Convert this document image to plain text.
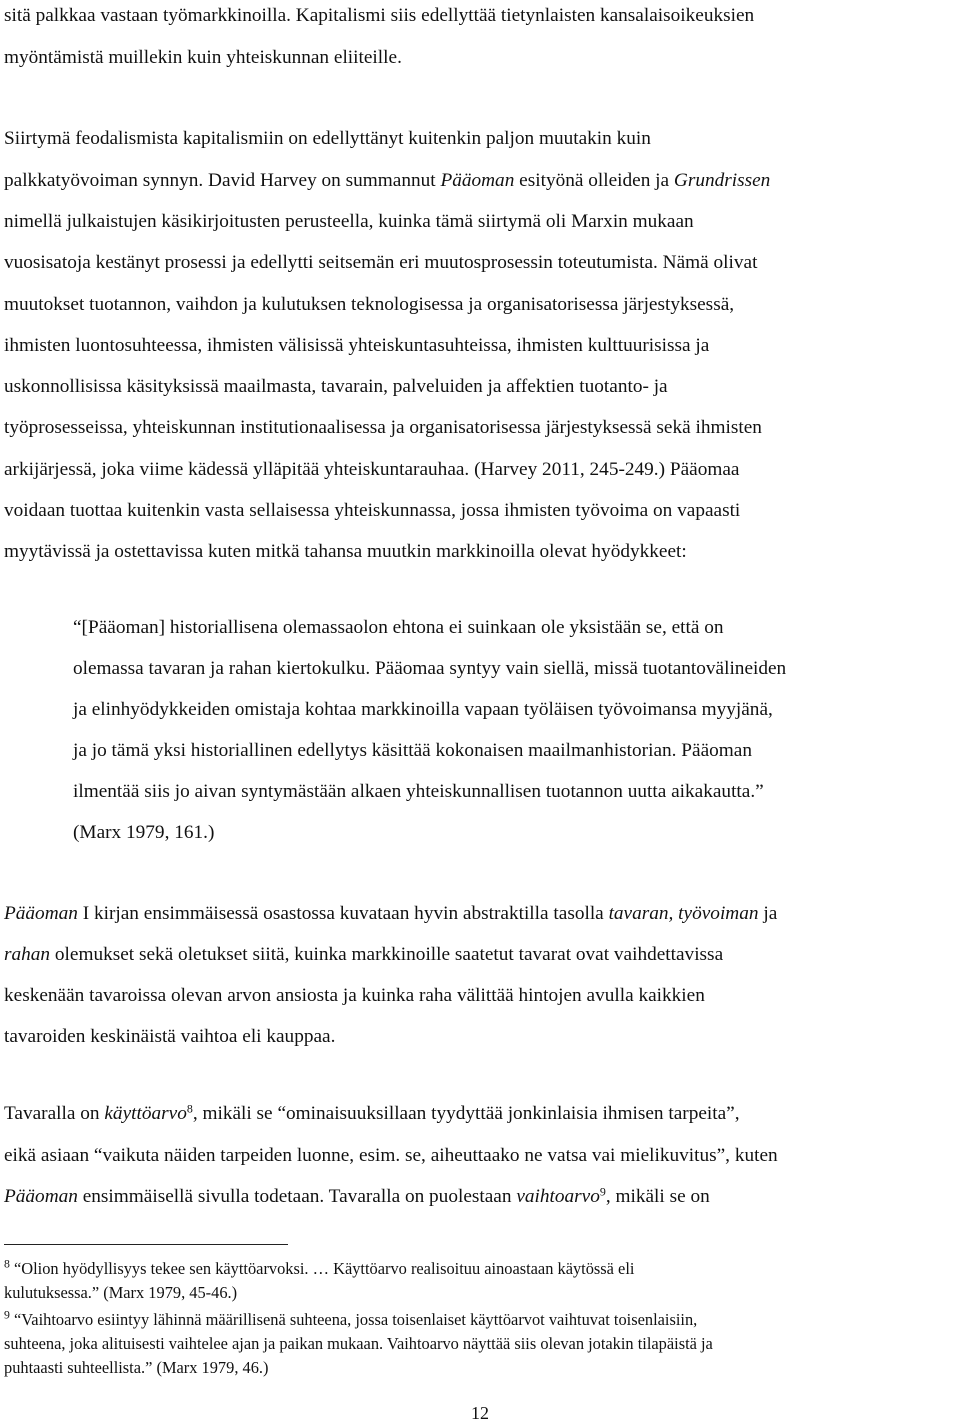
sitä palkkaa vastaan työmarkkinoilla. Kapitalismi siis edellyttää tietynlaisten kansalaisoikeuksien
myöntämistä muillekin kuin yhteiskunnan eliiteille.
Siirtymä feodalismista kapitalismiin on edellyttänyt kuitenkin paljon muutakin kuin
palkkatyövoiman synnyn. David Harvey on summannut Pääoman esityönä olleiden ja Grundrissen
nimellä julkaistujen käsikirjoitusten perusteella, kuinka tämä siirtymä oli Marxin mukaan
vuosisatoja kestänyt prosessi ja edellytti seitsemän eri muutosprosessin toteutumista. Nämä olivat
muutokset tuotannon, vaihdon ja kulutuksen teknologisessa ja organisatorisessa järjestyksessä,
ihmisten luontosuhteessa, ihmisten välisissä yhteiskuntasuhteissa, ihmisten kulttuurisissa ja
uskonnollisissa käsityksissä maailmasta, tavarain, palveluiden ja affektien tuotanto- ja
työprosesseissa, yhteiskunnan institutionaalisessa ja organisatorisessa järjestyksessä sekä ihmisten
arkijärjessä, joka viime kädessä ylläpitää yhteiskuntarauhaa. (Harvey 2011, 245-249.) Pääomaa
voidaan tuottaa kuitenkin vasta sellaisessa yhteiskunnassa, jossa ihmisten työvoima on vapaasti
myytävissä ja ostettavissa kuten mitkä tahansa muutkin markkinoilla olevat hyödykkeet:
“[Pääoman] historiallisena olemassaolon ehtona ei suinkaan ole yksistään se, että on
olemassa tavaran ja rahan kiertokulku. Pääomaa syntyy vain siellä, missä tuotantovälineiden
ja elinhyödykkeiden omistaja kohtaa markkinoilla vapaan työläisen työvoimansa myyjänä,
ja jo tämä yksi historiallinen edellytys käsittää kokonaisen maailmanhistorian. Pääoman
ilmentää siis jo aivan syntymästään alkaen yhteiskunnallisen tuotannon uutta aikakautta.”
(Marx 1979, 161.)
Pääoman I kirjan ensimmäisessä osastossa kuvataan hyvin abstraktilla tasolla tavaran, työvoiman ja
rahan olemukset sekä oletukset siitä, kuinka markkinoille saatetut tavarat ovat vaihdettavissa
keskenään tavaroissa olevan arvon ansiosta ja kuinka raha välittää hintojen avulla kaikkien
tavaroiden keskinäistä vaihtoa eli kauppaa.
Tavaralla on käyttöarvo$^8$, mikäli se “ominaisuuksillaan tyydyttää jonkinlaisia ihmisen tarpeita”,
eikä asiaan “vaikuta näiden tarpeiden luonne, esim. se, aiheuttaako ne vatsa vai mielikuvitus”, kuten
Pääoman ensimmäisellä sivulla todetaan. Tavaralla on puolestaan vaihtoarvo$^9$, mikäli se on
$^8$ “Olion hyödyllisyys tekee sen käyttöarvoksi. … Käyttöarvo realisoituu ainoastaan käytössä eli
kulutuksessa.” (Marx 1979, 45-46.)
$^9$ “Vaihtoarvo esiintyy lähinnä määrillisenä suhteena, jossa toisenlaiset käyttöarvot vaihtuvat toisenlaisiin,
suhteena, joka alituisesti vaihtelee ajan ja paikan mukaan. Vaihtoarvo näyttää siis olevan jotakin tilapäistä ja
puhtaasti suhteellista.” (Marx 1979, 46.)
12
